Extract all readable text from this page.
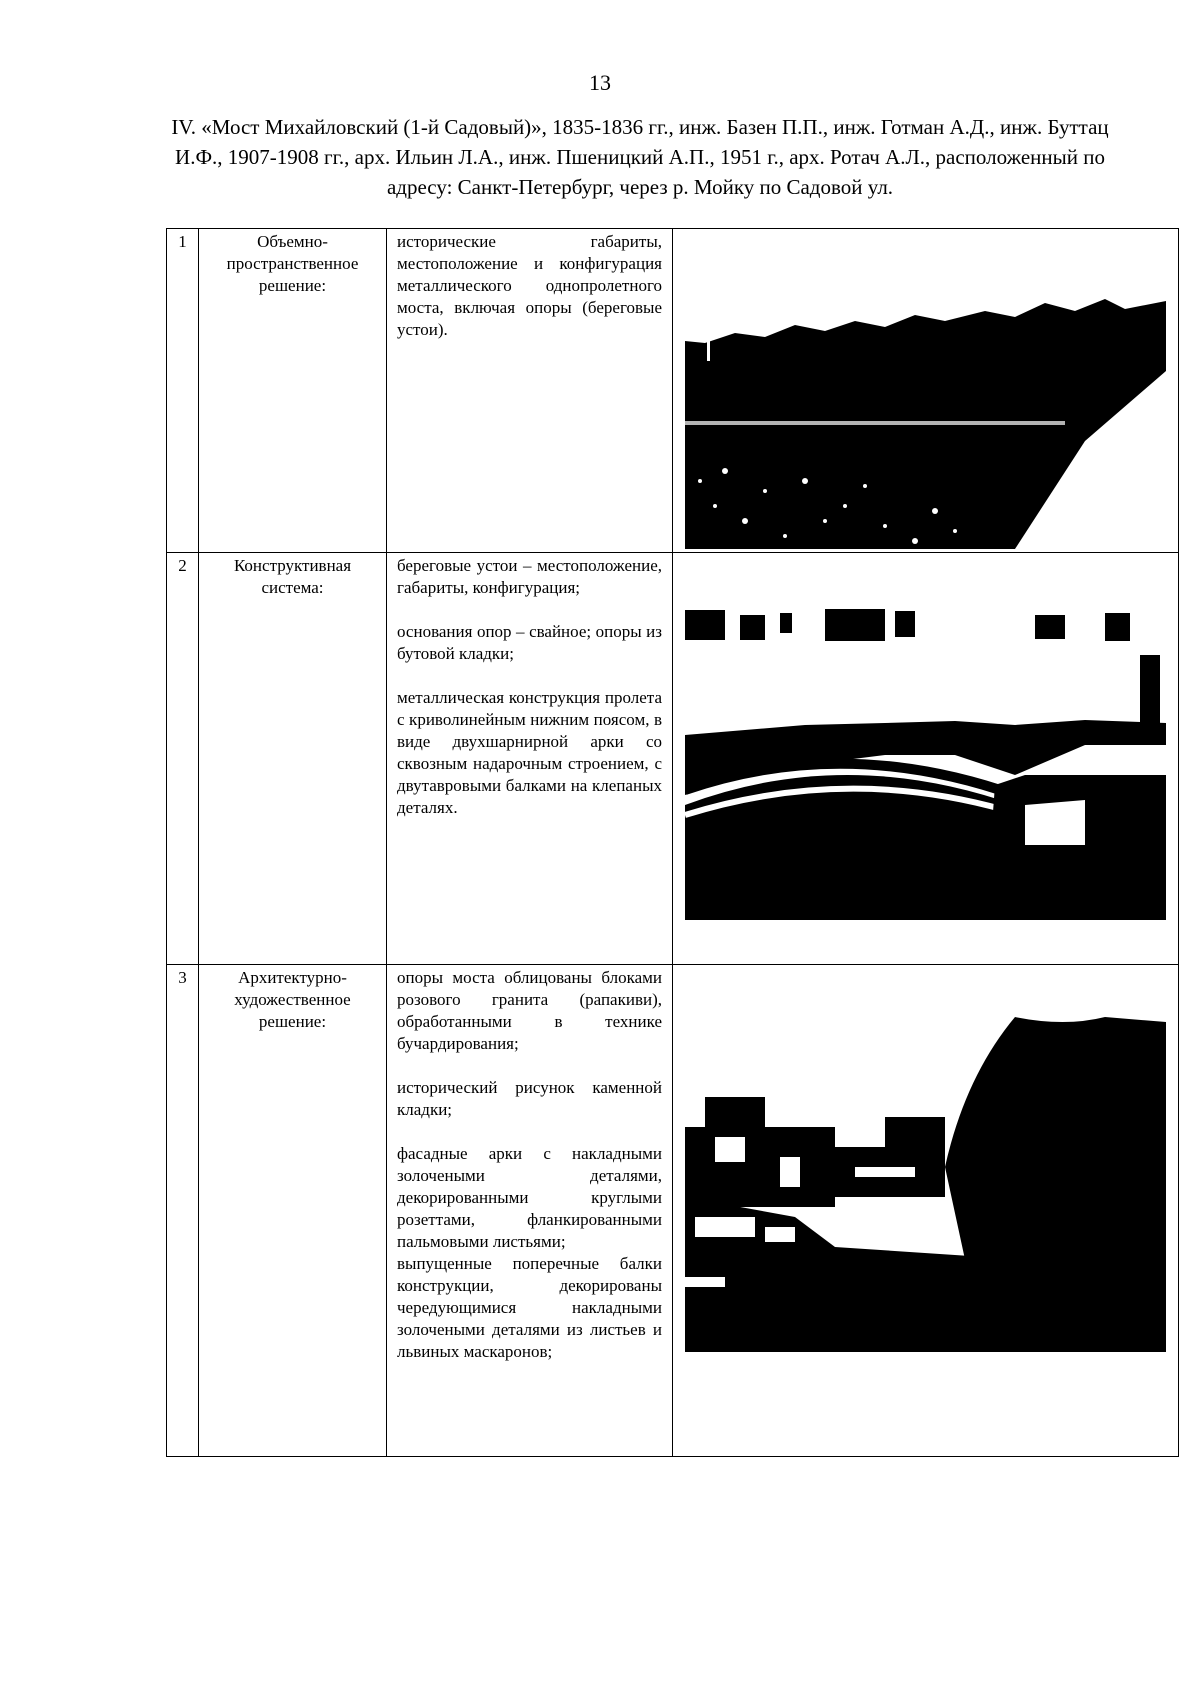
13
IV. «Мост Михайловский (1-й Садовый)», 1835-1836 гг., инж. Базен П.П., инж. Готман А.Д., инж. Буттац И.Ф., 1907-1908 гг., арх. Ильин Л.А., инж. Пшеницкий А.П., 1951 г., арх. Ротач А.Л., расположенный по адресу: Санкт-Петербург, через р. Мойку по Садовой ул.
1	Объемно-пространственное решение:	исторические габариты, местоположение и конфигурация металлического однопролетного моста, включая опоры (береговые устои).

2	Конструктивная система:	береговые устои – местоположение, габариты, конфигурация;

основания опор – свайное; опоры из бутовой кладки;

металлическая конструкция пролета с криволинейным нижним поясом, в виде двухшарнирной арки со сквозным надарочным строением, с двутавровыми балками на клепаных деталях.

3	Архитектурно-художественное решение:	опоры моста облицованы блоками розового гранита (рапакиви), обработанными в технике бучардирования;

исторический рисунок каменной кладки;

фасадные арки с накладными золочеными деталями, декорированными круглыми розеттами, фланкированными пальмовыми листьями;

выпущенные поперечные балки конструкции, декорированы чередующимися накладными золочеными деталями из листьев и львиных маскаронов;
